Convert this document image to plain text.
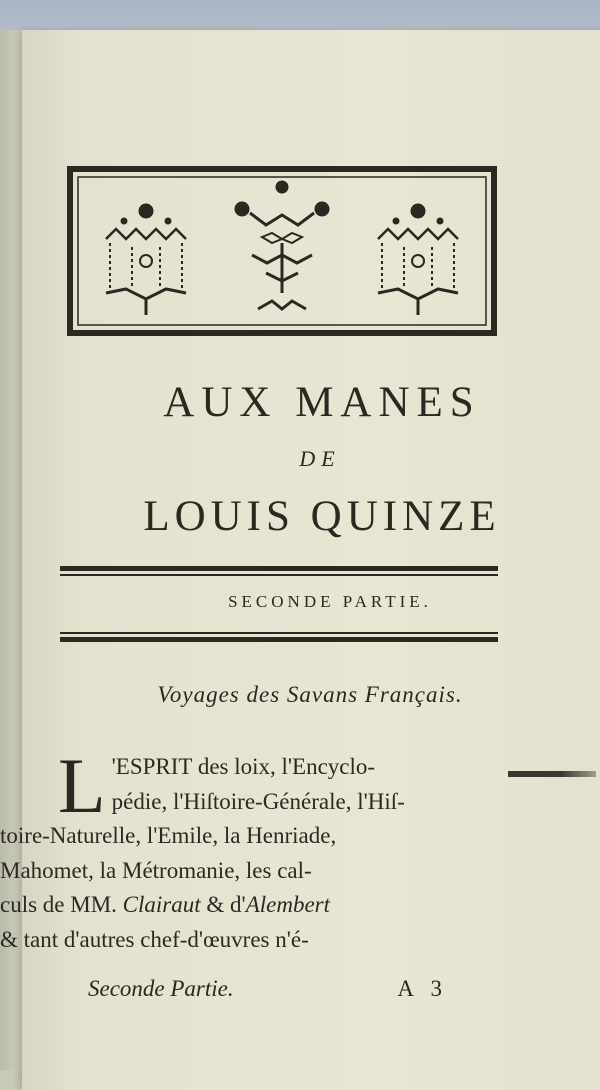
AUX MANES
DE
LOUIS QUINZE
SECONDE PARTIE.
Voyages des Savans Français.
L 'ESPRIT des loix, l'Encyclo-
pédie, l'Hiſtoire-Générale, l'Hiſ-
toire-Naturelle, l'Emile, la Henriade,
Mahomet, la Métromanie, les cal-
culs de MM. Clairaut & d'Alembert
& tant d'autres chef-d'œuvres n'é-
Seconde Partie.	A 3
